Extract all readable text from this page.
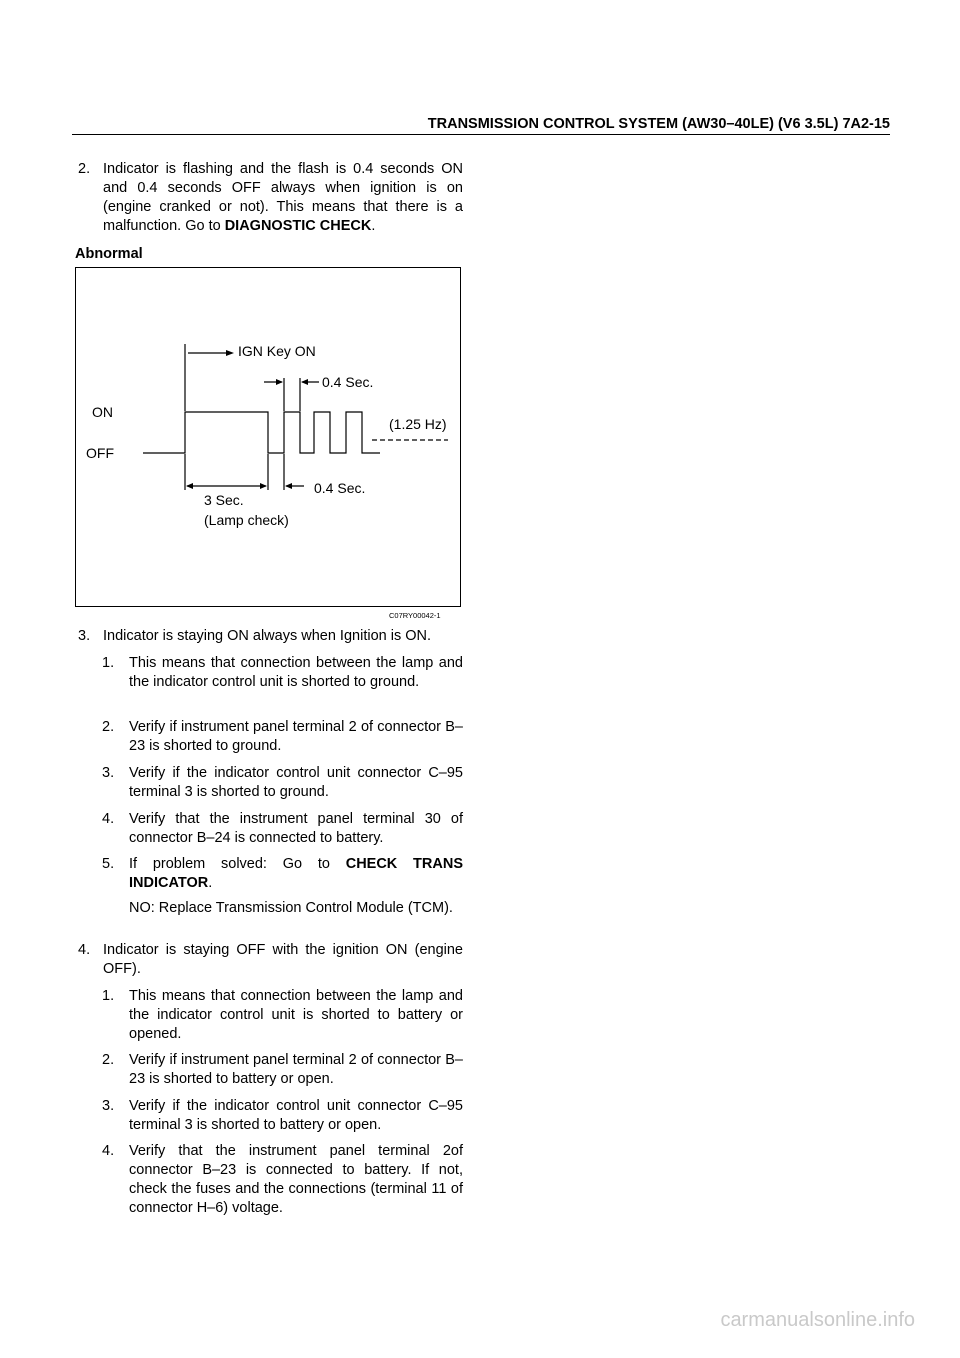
TRANSMISSION CONTROL SYSTEM (AW30–40LE) (V6 3.5L) 7A2-15
2. Indicator is flashing and the flash is 0.4 seconds ON and 0.4 seconds OFF always when ignition is on (engine cranked or not). This means that there is a malfunction. Go to DIAGNOSTIC CHECK.
Abnormal
IGN Key ON
0.4 Sec.
ON
OFF
(1.25 Hz)
3 Sec.
(Lamp check)
0.4 Sec.
C07RY00042-1
3. Indicator is staying ON always when Ignition is ON.
1. This means that connection between the lamp and the indicator control unit is shorted to ground.
2. Verify if instrument panel terminal 2 of connector B–23 is shorted to ground.
3. Verify if the indicator control unit connector C–95 terminal 3 is shorted to ground.
4. Verify that the instrument panel terminal 30 of connector B–24 is connected to battery.
5. If problem solved: Go to CHECK TRANS INDICATOR.
NO: Replace Transmission Control Module (TCM).
4. Indicator is staying OFF with the ignition ON (engine OFF).
1. This means that connection between the lamp and the indicator control unit is shorted to battery or opened.
2. Verify if instrument panel terminal 2 of connector B–23 is shorted to battery or open.
3. Verify if the indicator control unit connector C–95 terminal 3 is shorted to battery or open.
4. Verify that the instrument panel terminal 2of connector B–23 is connected to battery. If not, check the fuses and the connections (terminal 11 of connector H–6) voltage.
carmanualsonline.info
